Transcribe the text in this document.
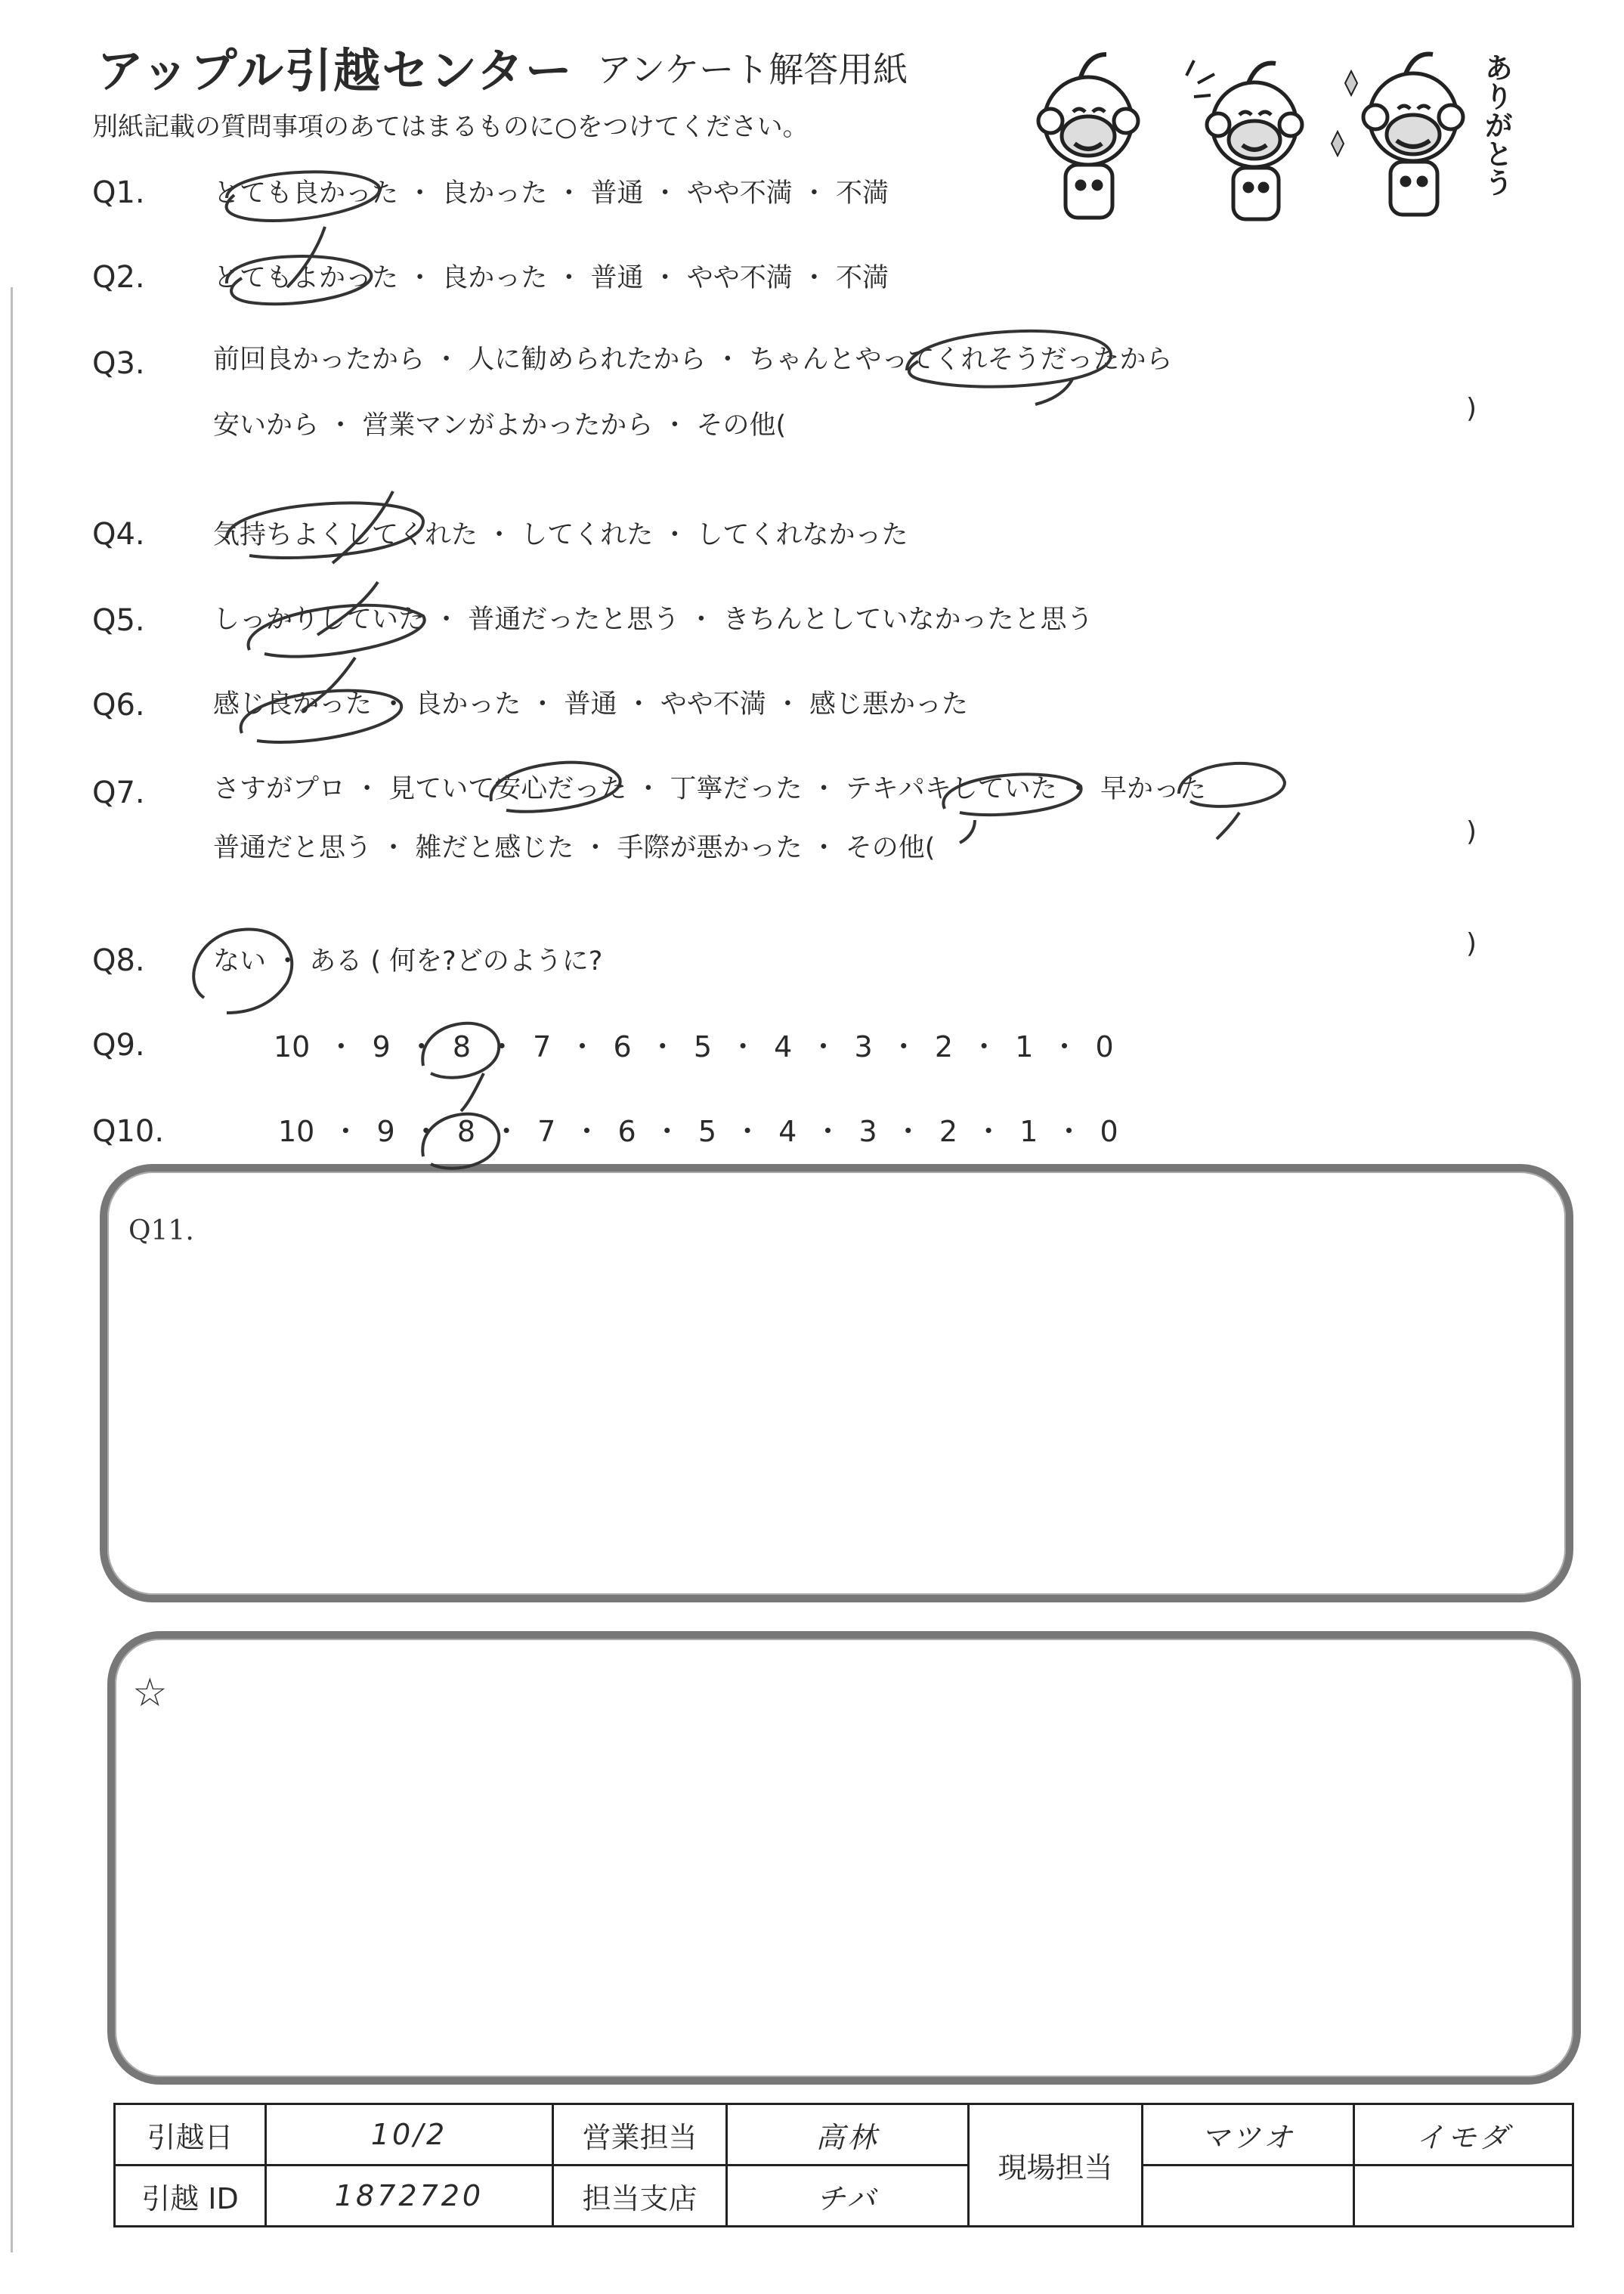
アップル引越センター アンケート解答用紙
別紙記載の質問事項のあてはまるものに○をつけてください。	ありがとう
Q1.	とても良かった ・ 良かった ・ 普通 ・ やや不満 ・ 不満
Q2.	とてもよかった ・ 良かった ・ 普通 ・ やや不満 ・ 不満
Q3.	前回良かったから ・ 人に勧められたから ・ ちゃんとやってくれそうだったから
安いから ・ 営業マンがよかったから ・ その他(
)
Q4.	気持ちよくしてくれた ・ してくれた ・ してくれなかった
Q5.	しっかりしていた ・ 普通だったと思う ・ きちんとしていなかったと思う
Q6.	感じ良かった ・ 良かった ・ 普通 ・ やや不満 ・ 感じ悪かった
Q7.	さすがプロ ・ 見ていて安心だった ・ 丁寧だった ・ テキパキしていた ・ 早かった
普通だと思う ・ 雑だと感じた ・ 手際が悪かった ・ その他(
)
Q8.	ない ・ ある ( 何を?どのように?
)
Q9.	10 ・ 9 ・ 8 ・ 7 ・ 6 ・ 5 ・ 4 ・ 3 ・ 2 ・ 1 ・ 0
Q10.	10 ・ 9 ・ 8 ・ 7 ・ 6 ・ 5 ・ 4 ・ 3 ・ 2 ・ 1 ・ 0
Q11.
☆
引越日	10/2	営業担当	高林	現場担当	マツオ	イモダ
引越 ID	1872720	担当支店	チバ			
